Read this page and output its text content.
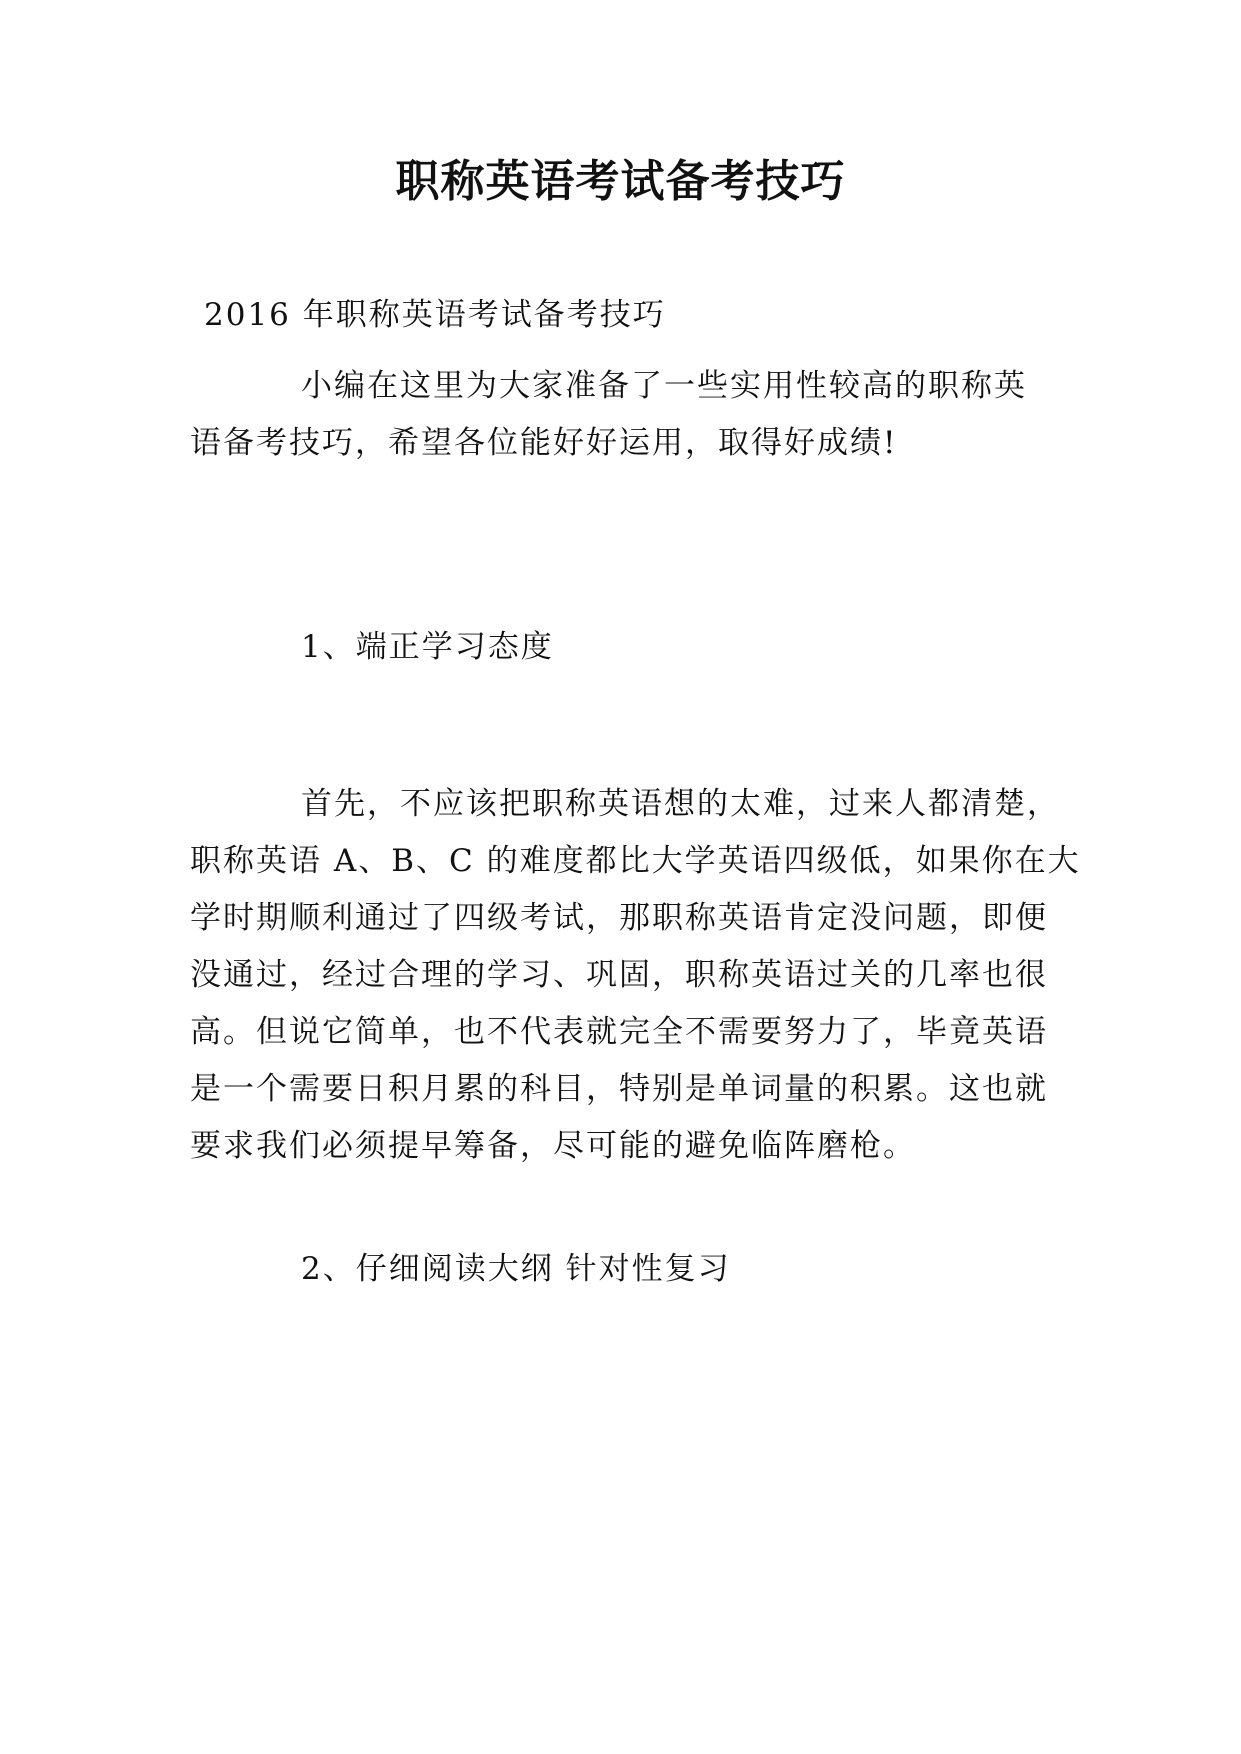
职称英语考试备考技巧

2016 年职称英语考试备考技巧

小编在这里为大家准备了一些实用性较高的职称英
语备考技巧，希望各位能好好运用，取得好成绩!

1、端正学习态度

首先，不应该把职称英语想的太难，过来人都清楚，
职称英语 A、B、C 的难度都比大学英语四级低，如果你在大
学时期顺利通过了四级考试，那职称英语肯定没问题，即便
没通过，经过合理的学习、巩固，职称英语过关的几率也很
高。但说它简单，也不代表就完全不需要努力了，毕竟英语
是一个需要日积月累的科目，特别是单词量的积累。这也就
要求我们必须提早筹备，尽可能的避免临阵磨枪。

2、仔细阅读大纲 针对性复习
